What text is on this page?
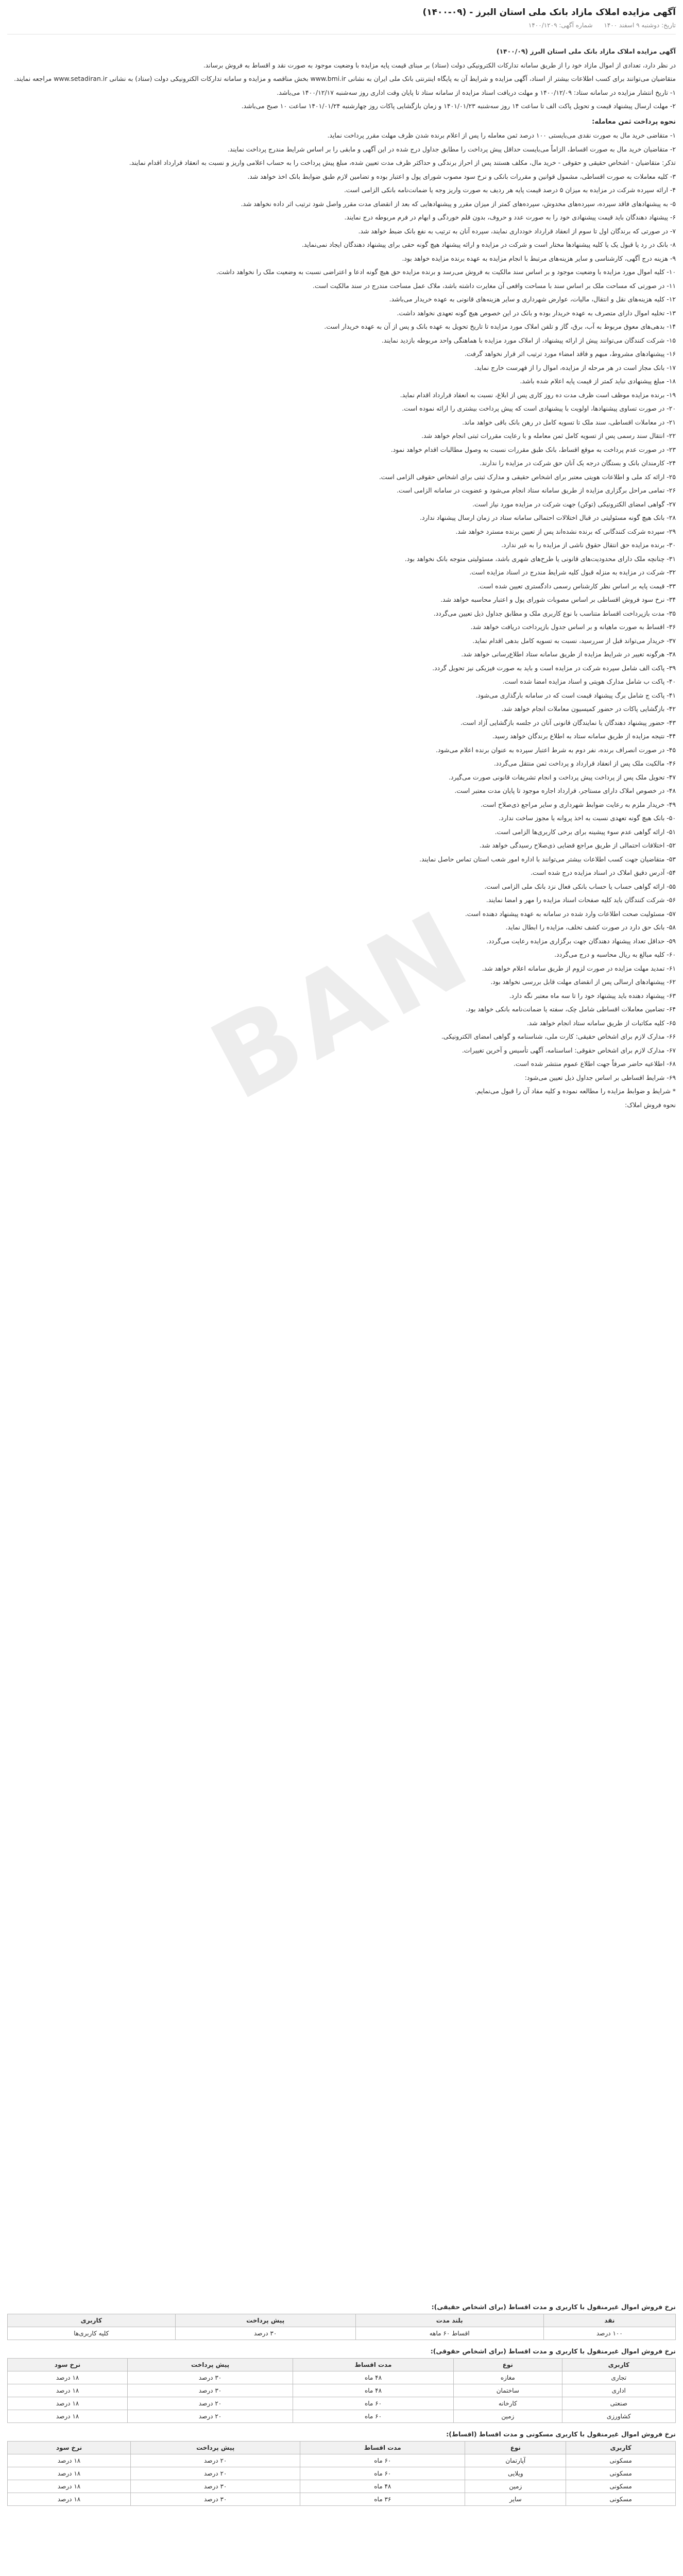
آگهی مزایده املاک مازاد بانک ملی استان البرز - (۰۹-۱۴۰۰)
تاریخ: دوشنبه ۹ اسفند ۱۴۰۰ شماره آگهی: ۱۴۰۰/۱۲۰۹
BAN

آگهی مزایده املاک مازاد بانک ملی استان البرز (۱۴۰۰/۰۹)

در نظر دارد، تعدادی از اموال مازاد خود را از طریق سامانه تدارکات الکترونیکی دولت (ستاد) بر مبنای قیمت پایه مزایده با وضعیت موجود به صورت نقد و اقساط به فروش برساند.

متقاضیان می‌توانند برای کسب اطلاعات بیشتر از اسناد، آگهی مزایده و شرایط آن به پایگاه اینترنتی بانک ملی ایران به نشانی www.bmi.ir بخش مناقصه و مزایده و سامانه تدارکات الکترونیکی دولت (ستاد) به نشانی www.setadiran.ir مراجعه نمایند.

۱- تاریخ انتشار مزایده در سامانه ستاد: ۱۴۰۰/۱۲/۰۹ و مهلت دریافت اسناد مزایده از سامانه ستاد تا پایان وقت اداری روز سه‌شنبه ۱۴۰۰/۱۲/۱۷ می‌باشد.

۲- مهلت ارسال پیشنهاد قیمت و تحویل پاکت الف تا ساعت ۱۴ روز سه‌شنبه ۱۴۰۱/۰۱/۲۳ و زمان بازگشایی پاکات روز چهارشنبه ۱۴۰۱/۰۱/۲۴ ساعت ۱۰ صبح می‌باشد.

نحوه پرداخت ثمن معامله:

۱- متقاضی خرید مال به صورت نقدی می‌بایستی ۱۰۰ درصد ثمن معامله را پس از اعلام برنده شدن ظرف مهلت مقرر پرداخت نماید.

۲- متقاضیان خرید مال به صورت اقساط، الزاماً می‌بایست حداقل پیش پرداخت را مطابق جداول درج شده در این آگهی و مابقی را بر اساس شرایط مندرج پرداخت نمایند.

تذکر: متقاضیان - اشخاص حقیقی و حقوقی - خرید مال، مکلف هستند پس از احراز برندگی و حداکثر ظرف مدت تعیین شده، مبلغ پیش پرداخت را به حساب اعلامی واریز و نسبت به انعقاد قرارداد اقدام نمایند.

۳- کلیه معاملات به صورت اقساطی، مشمول قوانین و مقررات بانکی و نرخ سود مصوب شورای پول و اعتبار بوده و تضامین لازم طبق ضوابط بانک اخذ خواهد شد.

۴- ارائه سپرده شرکت در مزایده به میزان ۵ درصد قیمت پایه هر ردیف به صورت واریز وجه یا ضمانت‌نامه بانکی الزامی است.

۵- به پیشنهادهای فاقد سپرده، سپرده‌های مخدوش، سپرده‌های کمتر از میزان مقرر و پیشنهادهایی که بعد از انقضای مدت مقرر واصل شود ترتیب اثر داده نخواهد شد.

۶- پیشنهاد دهندگان باید قیمت پیشنهادی خود را به صورت عدد و حروف، بدون قلم خوردگی و ابهام در فرم مربوطه درج نمایند.

۷- در صورتی که برندگان اول تا سوم از انعقاد قرارداد خودداری نمایند، سپرده آنان به ترتیب به نفع بانک ضبط خواهد شد.

۸- بانک در رد یا قبول یک یا کلیه پیشنهادها مختار است و شرکت در مزایده و ارائه پیشنهاد هیچ گونه حقی برای پیشنهاد دهندگان ایجاد نمی‌نماید.

۹- هزینه درج آگهی، کارشناسی و سایر هزینه‌های مرتبط با انجام مزایده به عهده برنده مزایده خواهد بود.

۱۰- کلیه اموال مورد مزایده با وضعیت موجود و بر اساس سند مالکیت به فروش می‌رسد و برنده مزایده حق هیچ گونه ادعا و اعتراضی نسبت به وضعیت ملک را نخواهد داشت.

۱۱- در صورتی که مساحت ملک بر اساس سند با مساحت واقعی آن مغایرت داشته باشد، ملاک عمل مساحت مندرج در سند مالکیت است.

۱۲- کلیه هزینه‌های نقل و انتقال، مالیات، عوارض شهرداری و سایر هزینه‌های قانونی به عهده خریدار می‌باشد.

۱۳- تخلیه اموال دارای متصرف به عهده خریدار بوده و بانک در این خصوص هیچ گونه تعهدی نخواهد داشت.

۱۴- بدهی‌های معوق مربوط به آب، برق، گاز و تلفن املاک مورد مزایده تا تاریخ تحویل به عهده بانک و پس از آن به عهده خریدار است.

۱۵- شرکت کنندگان می‌توانند پیش از ارائه پیشنهاد، از املاک مورد مزایده با هماهنگی واحد مربوطه بازدید نمایند.

۱۶- پیشنهادهای مشروط، مبهم و فاقد امضاء مورد ترتیب اثر قرار نخواهد گرفت.

۱۷- بانک مجاز است در هر مرحله از مزایده، اموال را از فهرست خارج نماید.

۱۸- مبلغ پیشنهادی نباید کمتر از قیمت پایه اعلام شده باشد.

۱۹- برنده مزایده موظف است ظرف مدت ده روز کاری پس از ابلاغ، نسبت به انعقاد قرارداد اقدام نماید.

۲۰- در صورت تساوی پیشنهادها، اولویت با پیشنهادی است که پیش پرداخت بیشتری را ارائه نموده است.

۲۱- در معاملات اقساطی، سند ملک تا تسویه کامل در رهن بانک باقی خواهد ماند.

۲۲- انتقال سند رسمی پس از تسویه کامل ثمن معامله و با رعایت مقررات ثبتی انجام خواهد شد.

۲۳- در صورت عدم پرداخت به موقع اقساط، بانک طبق مقررات نسبت به وصول مطالبات اقدام خواهد نمود.

۲۴- کارمندان بانک و بستگان درجه یک آنان حق شرکت در مزایده را ندارند.

۲۵- ارائه کد ملی و اطلاعات هویتی معتبر برای اشخاص حقیقی و مدارک ثبتی برای اشخاص حقوقی الزامی است.

۲۶- تمامی مراحل برگزاری مزایده از طریق سامانه ستاد انجام می‌شود و عضویت در سامانه الزامی است.

۲۷- گواهی امضای الکترونیکی (توکن) جهت شرکت در مزایده مورد نیاز است.

۲۸- بانک هیچ گونه مسئولیتی در قبال اختلالات احتمالی سامانه ستاد در زمان ارسال پیشنهاد ندارد.

۲۹- سپرده شرکت کنندگانی که برنده نشده‌اند پس از تعیین برنده مسترد خواهد شد.

۳۰- برنده مزایده حق انتقال حقوق ناشی از مزایده را به غیر ندارد.

۳۱- چنانچه ملک دارای محدودیت‌های قانونی یا طرح‌های شهری باشد، مسئولیتی متوجه بانک نخواهد بود.

۳۲- شرکت در مزایده به منزله قبول کلیه شرایط مندرج در اسناد مزایده است.

۳۳- قیمت پایه بر اساس نظر کارشناس رسمی دادگستری تعیین شده است.

۳۴- نرخ سود فروش اقساطی بر اساس مصوبات شورای پول و اعتبار محاسبه خواهد شد.

۳۵- مدت بازپرداخت اقساط متناسب با نوع کاربری ملک و مطابق جداول ذیل تعیین می‌گردد.

۳۶- اقساط به صورت ماهیانه و بر اساس جدول بازپرداخت دریافت خواهد شد.

۳۷- خریدار می‌تواند قبل از سررسید، نسبت به تسویه کامل بدهی اقدام نماید.

۳۸- هرگونه تغییر در شرایط مزایده از طریق سامانه ستاد اطلاع‌رسانی خواهد شد.

۳۹- پاکت الف شامل سپرده شرکت در مزایده است و باید به صورت فیزیکی نیز تحویل گردد.

۴۰- پاکت ب شامل مدارک هویتی و اسناد مزایده امضا شده است.

۴۱- پاکت ج شامل برگ پیشنهاد قیمت است که در سامانه بارگذاری می‌شود.

۴۲- بازگشایی پاکات در حضور کمیسیون معاملات انجام خواهد شد.

۴۳- حضور پیشنهاد دهندگان یا نمایندگان قانونی آنان در جلسه بازگشایی آزاد است.

۴۴- نتیجه مزایده از طریق سامانه ستاد به اطلاع برندگان خواهد رسید.

۴۵- در صورت انصراف برنده، نفر دوم به شرط اعتبار سپرده به عنوان برنده اعلام می‌شود.

۴۶- مالکیت ملک پس از انعقاد قرارداد و پرداخت ثمن منتقل می‌گردد.

۴۷- تحویل ملک پس از پرداخت پیش پرداخت و انجام تشریفات قانونی صورت می‌گیرد.

۴۸- در خصوص املاک دارای مستاجر، قرارداد اجاره موجود تا پایان مدت معتبر است.

۴۹- خریدار ملزم به رعایت ضوابط شهرداری و سایر مراجع ذی‌صلاح است.

۵۰- بانک هیچ گونه تعهدی نسبت به اخذ پروانه یا مجوز ساخت ندارد.

۵۱- ارائه گواهی عدم سوء پیشینه برای برخی کاربری‌ها الزامی است.

۵۲- اختلافات احتمالی از طریق مراجع قضایی ذی‌صلاح رسیدگی خواهد شد.

۵۳- متقاضیان جهت کسب اطلاعات بیشتر می‌توانند با اداره امور شعب استان تماس حاصل نمایند.

۵۴- آدرس دقیق املاک در اسناد مزایده درج شده است.

۵۵- ارائه گواهی حساب یا حساب بانکی فعال نزد بانک ملی الزامی است.

۵۶- شرکت کنندگان باید کلیه صفحات اسناد مزایده را مهر و امضا نمایند.

۵۷- مسئولیت صحت اطلاعات وارد شده در سامانه به عهده پیشنهاد دهنده است.

۵۸- بانک حق دارد در صورت کشف تخلف، مزایده را ابطال نماید.

۵۹- حداقل تعداد پیشنهاد دهندگان جهت برگزاری مزایده رعایت می‌گردد.

۶۰- کلیه مبالغ به ریال محاسبه و درج می‌گردد.

۶۱- تمدید مهلت مزایده در صورت لزوم از طریق سامانه اعلام خواهد شد.

۶۲- پیشنهادهای ارسالی پس از انقضای مهلت قابل بررسی نخواهد بود.

۶۳- پیشنهاد دهنده باید پیشنهاد خود را تا سه ماه معتبر نگه دارد.

۶۴- تضامین معاملات اقساطی شامل چک، سفته یا ضمانت‌نامه بانکی خواهد بود.

۶۵- کلیه مکاتبات از طریق سامانه ستاد انجام خواهد شد.

۶۶- مدارک لازم برای اشخاص حقیقی: کارت ملی، شناسنامه و گواهی امضای الکترونیکی.

۶۷- مدارک لازم برای اشخاص حقوقی: اساسنامه، آگهی تأسیس و آخرین تغییرات.

۶۸- اطلاعیه حاضر صرفاً جهت اطلاع عموم منتشر شده است.

۶۹- شرایط اقساطی بر اساس جداول ذیل تعیین می‌شود:

* شرایط و ضوابط مزایده را مطالعه نموده و کلیه مفاد آن را قبول می‌نمایم.

نحوه فروش املاک:

نرخ فروش اموال غیرمنقول با کاربری و مدت اقساط (برای اشخاص حقیقی):
نقد	بلند مدت	پیش پرداخت	کاربری
۱۰۰ درصد	اقساط ۶۰ ماهه	۳۰ درصد	کلیه کاربری‌ها
نرخ فروش اموال غیرمنقول با کاربری و مدت اقساط (برای اشخاص حقوقی):
کاربری	نوع	مدت اقساط	پیش پرداخت	نرخ سود
تجاری	مغازه	۴۸ ماه	۳۰ درصد	۱۸ درصد
اداری	ساختمان	۴۸ ماه	۳۰ درصد	۱۸ درصد
صنعتی	کارخانه	۶۰ ماه	۲۰ درصد	۱۸ درصد
کشاورزی	زمین	۶۰ ماه	۲۰ درصد	۱۸ درصد
نرخ فروش اموال غیرمنقول با کاربری مسکونی و مدت اقساط (اقساط):
کاربری	نوع	مدت اقساط	پیش پرداخت	نرخ سود
مسکونی	آپارتمان	۶۰ ماه	۲۰ درصد	۱۸ درصد
مسکونی	ویلایی	۶۰ ماه	۲۰ درصد	۱۸ درصد
مسکونی	زمین	۴۸ ماه	۳۰ درصد	۱۸ درصد
مسکونی	سایر	۳۶ ماه	۳۰ درصد	۱۸ درصد
